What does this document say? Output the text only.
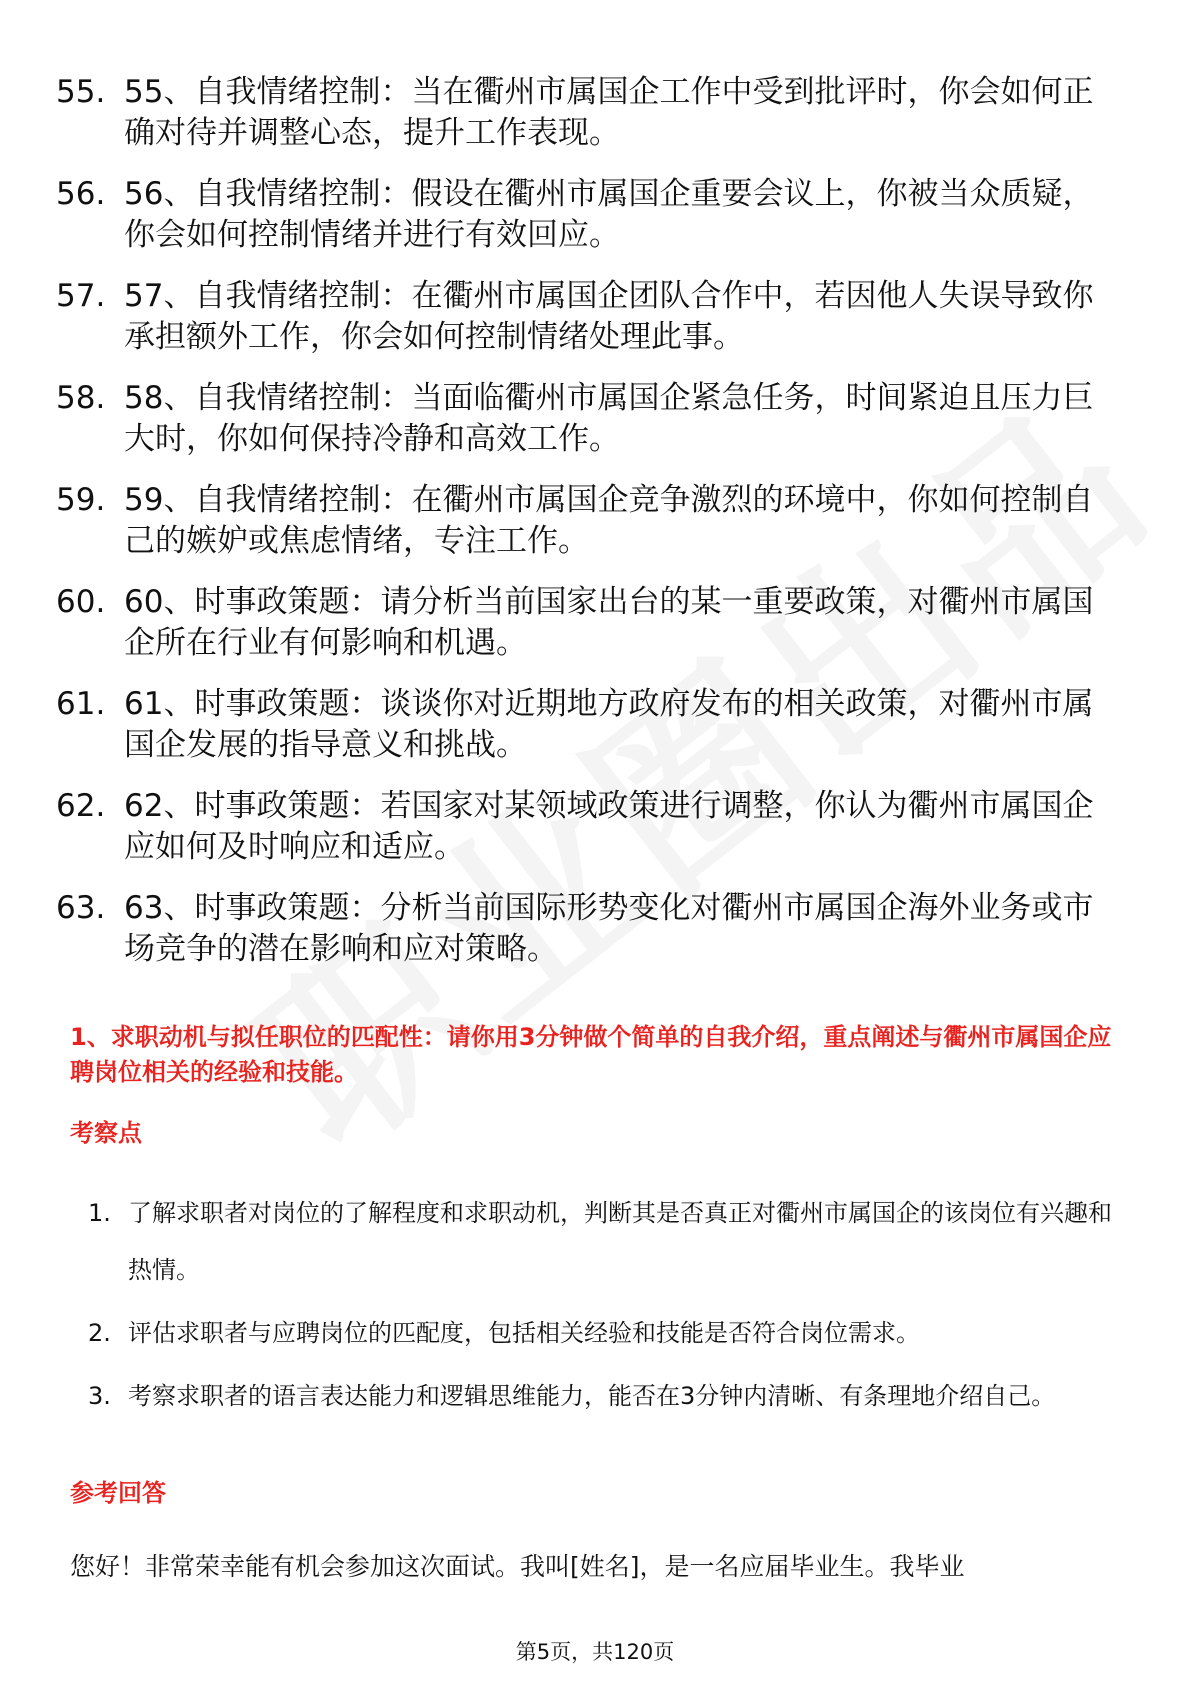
55. 55、自我情绪控制：当在衢州市属国企工作中受到批评时，你会如何正确对待并调整心态，提升工作表现。
56. 56、自我情绪控制：假设在衢州市属国企重要会议上，你被当众质疑，你会如何控制情绪并进行有效回应。
57. 57、自我情绪控制：在衢州市属国企团队合作中，若因他人失误导致你承担额外工作，你会如何控制情绪处理此事。
58. 58、自我情绪控制：当面临衢州市属国企紧急任务，时间紧迫且压力巨大时，你如何保持冷静和高效工作。
59. 59、自我情绪控制：在衢州市属国企竞争激烈的环境中，你如何控制自己的嫉妒或焦虑情绪，专注工作。
60. 60、时事政策题：请分析当前国家出台的某一重要政策，对衢州市属国企所在行业有何影响和机遇。
61. 61、时事政策题：谈谈你对近期地方政府发布的相关政策，对衢州市属国企发展的指导意义和挑战。
62. 62、时事政策题：若国家对某领域政策进行调整，你认为衢州市属国企应如何及时响应和适应。
63. 63、时事政策题：分析当前国际形势变化对衢州市属国企海外业务或市场竞争的潜在影响和应对策略。
1、求职动机与拟任职位的匹配性：请你用3分钟做个简单的自我介绍，重点阐述与衢州市属国企应聘岗位相关的经验和技能。
考察点
1. 了解求职者对岗位的了解程度和求职动机，判断其是否真正对衢州市属国企的该岗位有兴趣和热情。
2. 评估求职者与应聘岗位的匹配度，包括相关经验和技能是否符合岗位需求。
3. 考察求职者的语言表达能力和逻辑思维能力，能否在3分钟内清晰、有条理地介绍自己。
参考回答

您好！非常荣幸能有机会参加这次面试。我叫[姓名]，是一名应届毕业生。我毕业

第5页，共120页
